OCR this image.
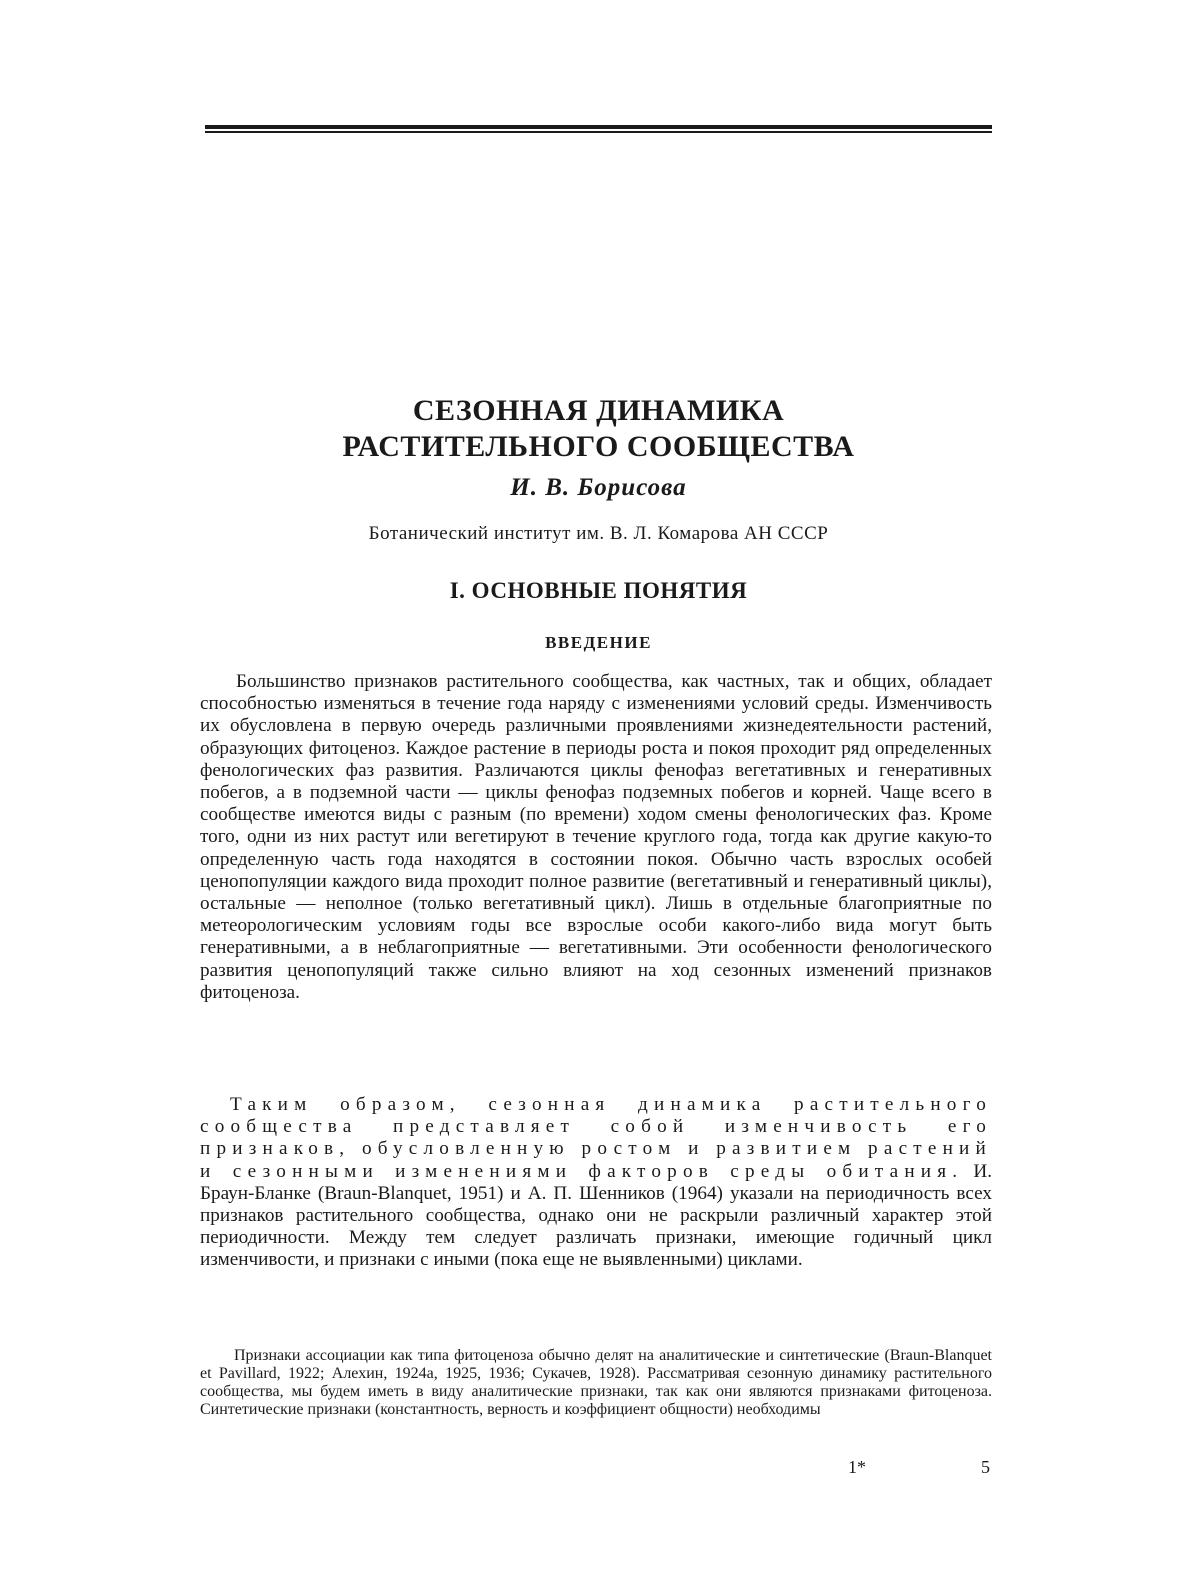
СЕЗОННАЯ ДИНАМИКА
РАСТИТЕЛЬНОГО СООБЩЕСТВА
И. В. Борисова
Ботанический институт им. В. Л. Комарова АН СССР
I. ОСНОВНЫЕ ПОНЯТИЯ
ВВЕДЕНИЕ

Большинство признаков растительного сообщества, как частных, так и общих, обладает способностью изменяться в течение года наряду с изменениями условий среды. Изменчивость их обусловлена в первую очередь различными проявлениями жизнедеятельности растений, образующих фитоценоз. Каждое растение в периоды роста и покоя проходит ряд определенных фенологических фаз развития. Различаются циклы фенофаз вегетативных и генеративных побегов, а в подземной части — циклы фенофаз подземных побегов и корней. Чаще всего в сообществе имеются виды с разным (по времени) ходом смены фенологических фаз. Кроме того, одни из них растут или вегетируют в течение круглого года, тогда как другие какую-то определенную часть года находятся в состоянии покоя. Обычно часть взрослых особей ценопопуляции каждого вида проходит полное развитие (вегетативный и генеративный циклы), остальные — неполное (только вегетативный цикл). Лишь в отдельные благоприятные по метеорологическим условиям годы все взрослые особи какого-либо вида могут быть генеративными, а в неблагоприятные — вегетативными. Эти особенности фенологического развития ценопопуляций также сильно влияют на ход сезонных изменений признаков фитоценоза.

Таким образом, сезонная динамика растительного сообщества представляет собой изменчивость его признаков, обусловленную ростом и развитием растений и сезонными изменениями факторов среды обитания. И. Браун-Бланке (Braun-Blanquet, 1951) и А. П. Шенников (1964) указали на периодичность всех признаков растительного сообщества, однако они не раскрыли различный характер этой периодичности. Между тем следует различать признаки, имеющие годичный цикл изменчивости, и признаки с иными (пока еще не выявленными) циклами.

Признаки ассоциации как типа фитоценоза обычно делят на аналитические и синтетические (Braun-Blanquet et Pavillard, 1922; Алехин, 1924а, 1925, 1936; Сукачев, 1928). Рассматривая сезонную динамику растительного сообщества, мы будем иметь в виду аналитические признаки, так как они являются признаками фитоценоза. Синтетические признаки (константность, верность и коэффициент общности) необходимы

1*	5
